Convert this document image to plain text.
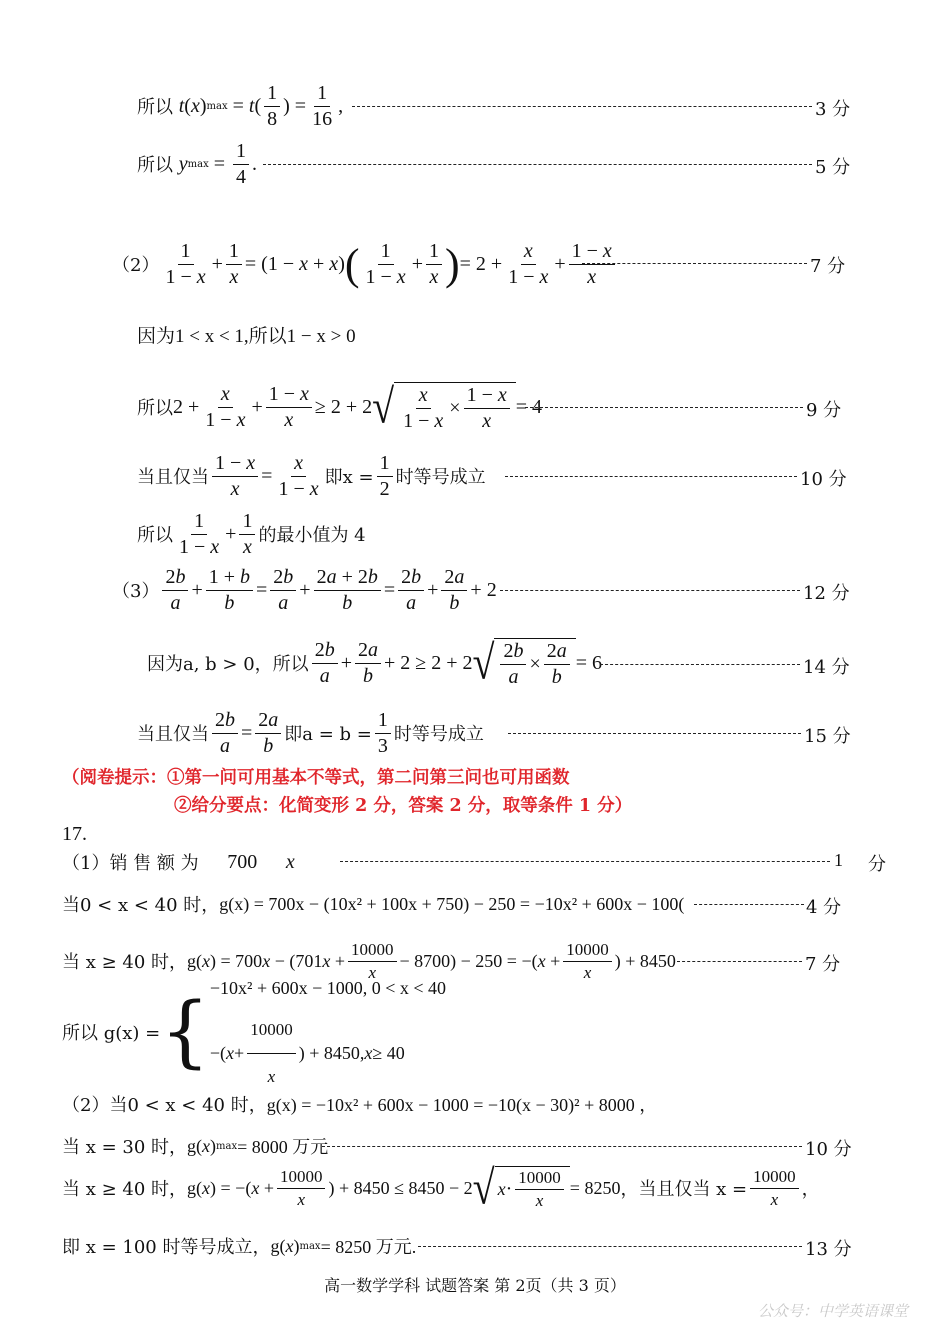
所以
t ( x ) max = t (
1
8
) = $\frac{1}{16}$ ,	3 分
所以
y $\max = \frac{1}{4}$ .	5 分
（2）
1
1 − x
+ $\frac{1}{x} = (1 - x + x)$ ( 1
1 − x
+ $\frac{1}{x}$ ) = $2 + \frac{x}{1 - x} + \frac{1 - x}{x}$	7 分
因为1 < x < 1,所以1 − x > 0
所以 $2 + \frac{x}{1 - x} + \frac{1 - x}{x} \ge 2 + 2$ √ $\frac{x}{1 - x} \times \frac{1 - x}{x} = 4$	9 分
当且仅当 $\frac{1 - x}{x} = \frac{x}{1 - x}$ 即$x = \frac{1}{2}$ 时等号成立	10 分
所以
1
1 − x
+ $\frac{1}{x}$ 的最小值为 4
（3）
2b
a
+ $\frac{1 + b}{b} = \frac{2b}{a} + \frac{2a + 2b}{b} = \frac{2b}{a} + \frac{2a}{b} + 2$	12 分
因为a, b > 0，所以
2b
a
+ $\frac{2a}{b} + 2 \ge 2 + 2$ √ $\frac{2b}{a} \times \frac{2a}{b} = 6$	14 分
当且仅当 $\frac{2b}{a} = \frac{2a}{b}$ 即$a = b = \frac{1}{3}$ 时等号成立	15 分
（阅卷提示：①第一问可用基本不等式，第二问第三问也可用函数
②给分要点：化简变形 2 分，答案 2 分，取等条件 1 分）
17.
（1）销 售 额 为
700
x	1 分
当0 < x < 40 时， g(x) = 700x − (10x² + 100x + 750) − 250 = −10x² + 600x − 100(	4 分
当 x ≥ 40 时， $g(x) = 700x - (701x + \frac{10000}{x} - 8700) - 250 = -(x + \frac{10000}{x}$ ) + 8450	7 分
所以 g(x) = { −10x² + 600x − 1000, 0 < x < 40
−( x +
10000
x
) + 8450, x ≥ 40
（2）当0 < x < 40 时， g(x) = −10x² + 600x − 1000 = −10(x − 30)² + 8000 ，
当 x = 30 时， g(x) max = 8000 万元	10 分
当 x ≥ 40 时， $g(x) = -(x + \frac{10000}{x}$ ) + 8450 ≤ 8450 − 2 √ x ·
10000
x
= 8250 ，当且仅当 $x = \frac{10000}{x}$ ，
即 x = 100 时等号成立， g(x) max = 8250 万元.	13 分
高一数学学科 试题答案 第 2页（共 3 页）
公众号：中学英语课堂
